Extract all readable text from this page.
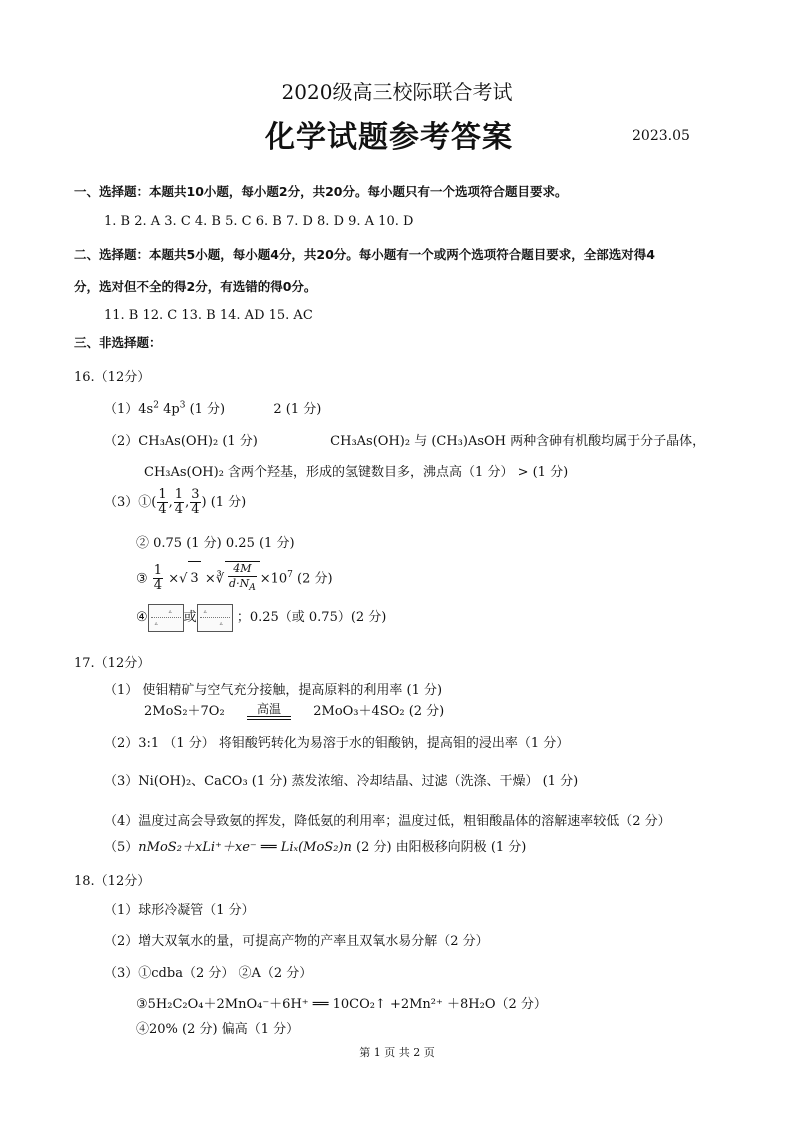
2020级高三校际联合考试
化学试题参考答案	2023.05
一、选择题：本题共10小题，每小题2分，共20分。每小题只有一个选项符合题目要求。
1. B 2. A 3. C 4. B 5. C 6. B 7. D 8. D 9. A 10. D
二、选择题：本题共5小题，每小题4分，共20分。每小题有一个或两个选项符合题目要求，全部选对得4
分，选对但不全的得2分，有选错的得0分。
11. B 12. C 13. B 14. AD 15. AC
三、非选择题：
16.（12分）
$(1)4s^2$ $4p^3$ (1 分)	2 (1 分)
（2）CH₃As(OH)₂ (1 分)	CH₃As(OH)₂ 与 (CH₃)AsOH 两种含砷有机酸均属于分子晶体，
CH₃As(OH)₂ 含两个羟基，形成的氢键数目多，沸点高（1 分） > (1 分)
（3）①( $\frac{1}{4}$ , $\frac{1}{4}$ , $\frac{3}{4}$ ) (1 分)
② 0.75 (1 分) 0.25 (1 分)
③ $\frac{1}{4}$ ×√ 3 ×∛ $\frac{4M}{d\cdot N_A} \times 10^7$ (2 分)
④	▵
▵ 或 ▵
▵ ；0.25（或 0.75）(2 分)
17.（12分）
（1） 使钼精矿与空气充分接触，提高原料的利用率 (1 分)
2MoS₂＋7O₂	高温	2MoO₃＋4SO₂ (2 分)
（2）3:1 （1 分） 将钼酸钙转化为易溶于水的钼酸钠，提高钼的浸出率（1 分）
（3）Ni(OH)₂、CaCO₃ (1 分) 蒸发浓缩、冷却结晶、过滤（洗涤、干燥） (1 分)
（4）温度过高会导致氨的挥发，降低氨的利用率；温度过低，粗钼酸晶体的溶解速率较低（2 分）
（5）nMoS₂＋xLi⁺＋xe⁻ ══ Liₓ(MoS₂)n (2 分) 由阳极移向阴极 (1 分)
18.（12分）
（1）球形冷凝管（1 分）
（2）增大双氧水的量，可提高产物的产率且双氧水易分解（2 分）
（3）①cdba（2 分） ②A（2 分）
③5H₂C₂O₄＋2MnO₄⁻＋6H⁺ ══ 10CO₂↑ +2Mn²⁺ ＋8H₂O（2 分）
④20% (2 分) 偏高（1 分）
第 1 页 共 2 页
